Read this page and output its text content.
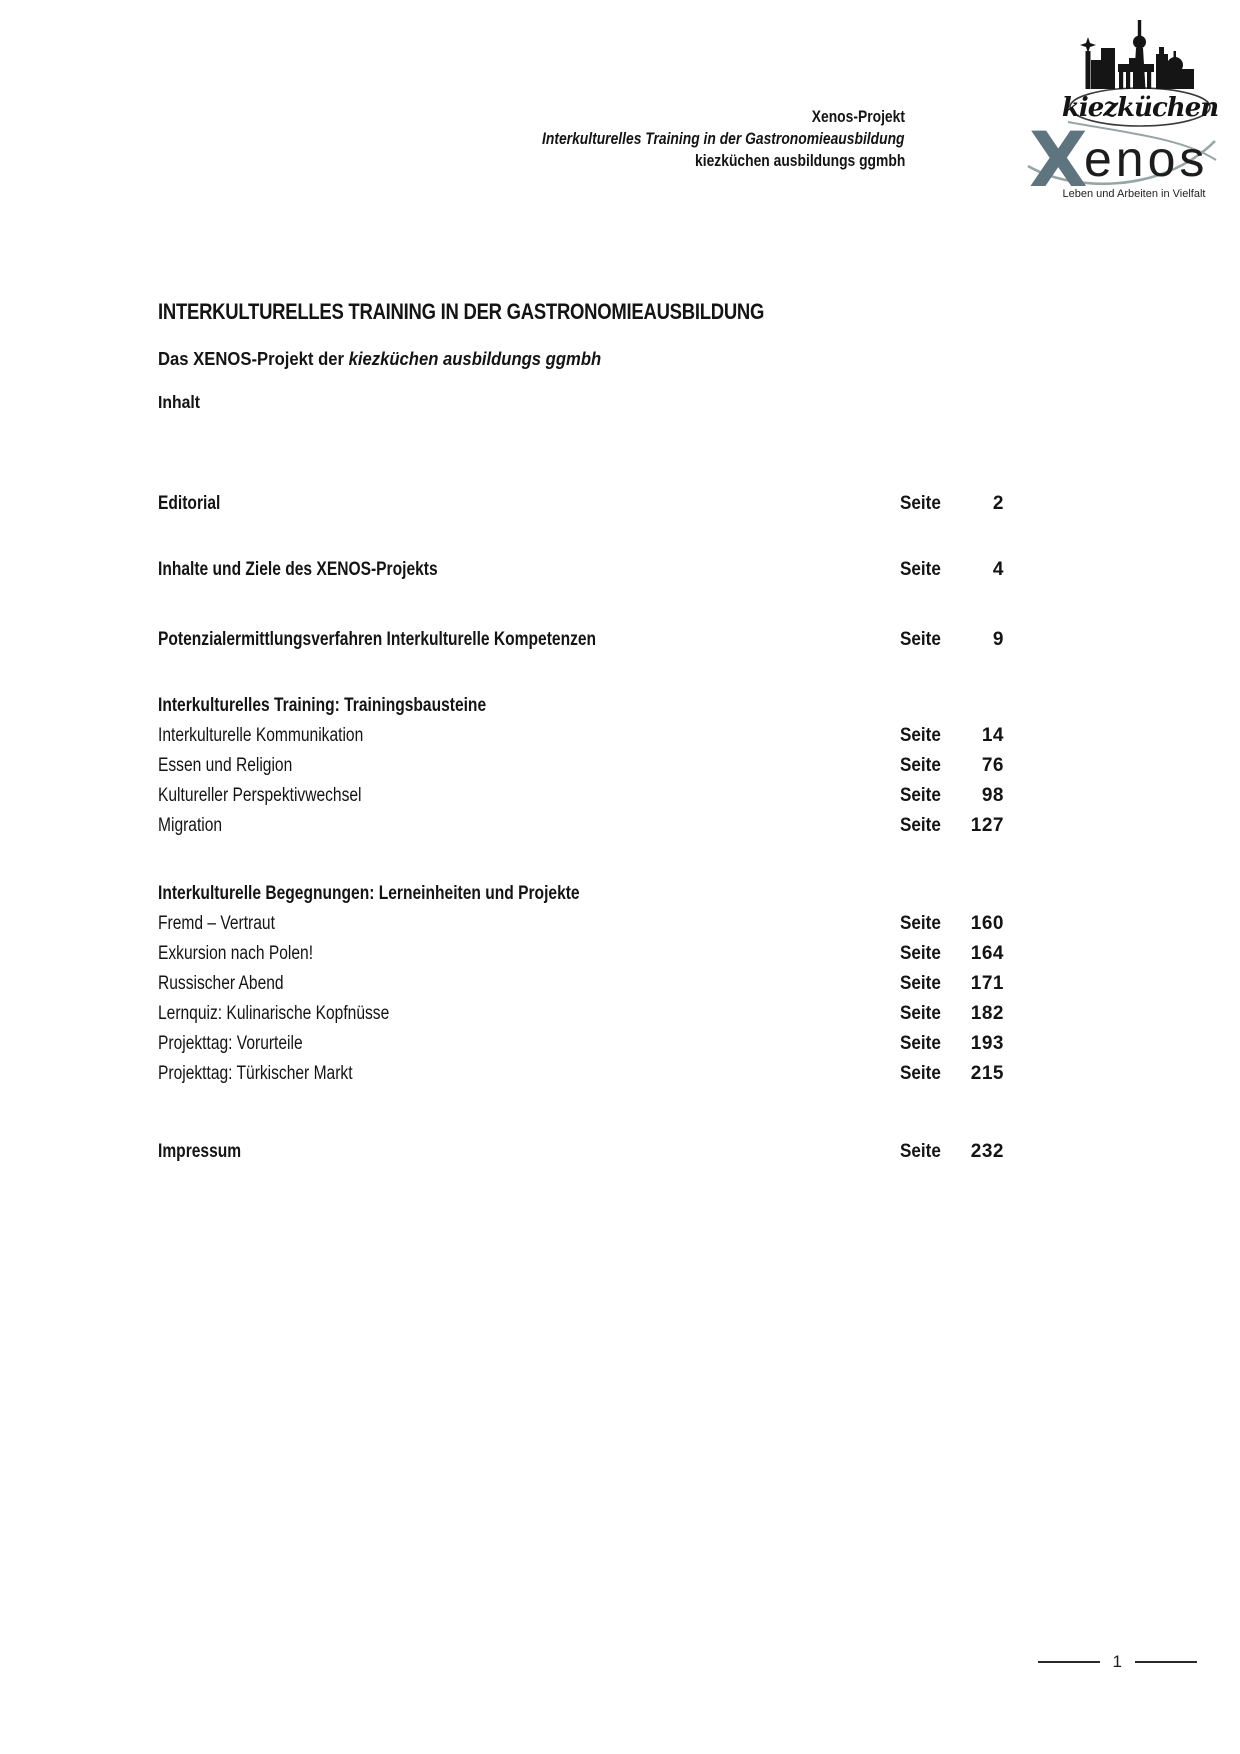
Xenos-Projekt
Interkulturelles Training in der Gastronomieausbildung
kiezküchen ausbildungs ggmbh
kiezküchen
X
enos
Leben und Arbeiten in Vielfalt
INTERKULTURELLES TRAINING IN DER GASTRONOMIEAUSBILDUNG
Das XENOS-Projekt der kiezküchen ausbildungs ggmbh
Inhalt
Editorial	Seite	2
Inhalte und Ziele des XENOS-Projekts	Seite	4
Potenzialermittlungsverfahren Interkulturelle Kompetenzen	Seite	9
Interkulturelles Training: Trainingsbausteine
Interkulturelle Kommunikation	Seite	14
Essen und Religion	Seite	76
Kultureller Perspektivwechsel	Seite	98
Migration	Seite	127
Interkulturelle Begegnungen: Lerneinheiten und Projekte
Fremd – Vertraut	Seite	160
Exkursion nach Polen!	Seite	164
Russischer Abend	Seite	171
Lernquiz: Kulinarische Kopfnüsse	Seite	182
Projekttag: Vorurteile	Seite	193
Projekttag: Türkischer Markt	Seite	215
Impressum	Seite	232
1
